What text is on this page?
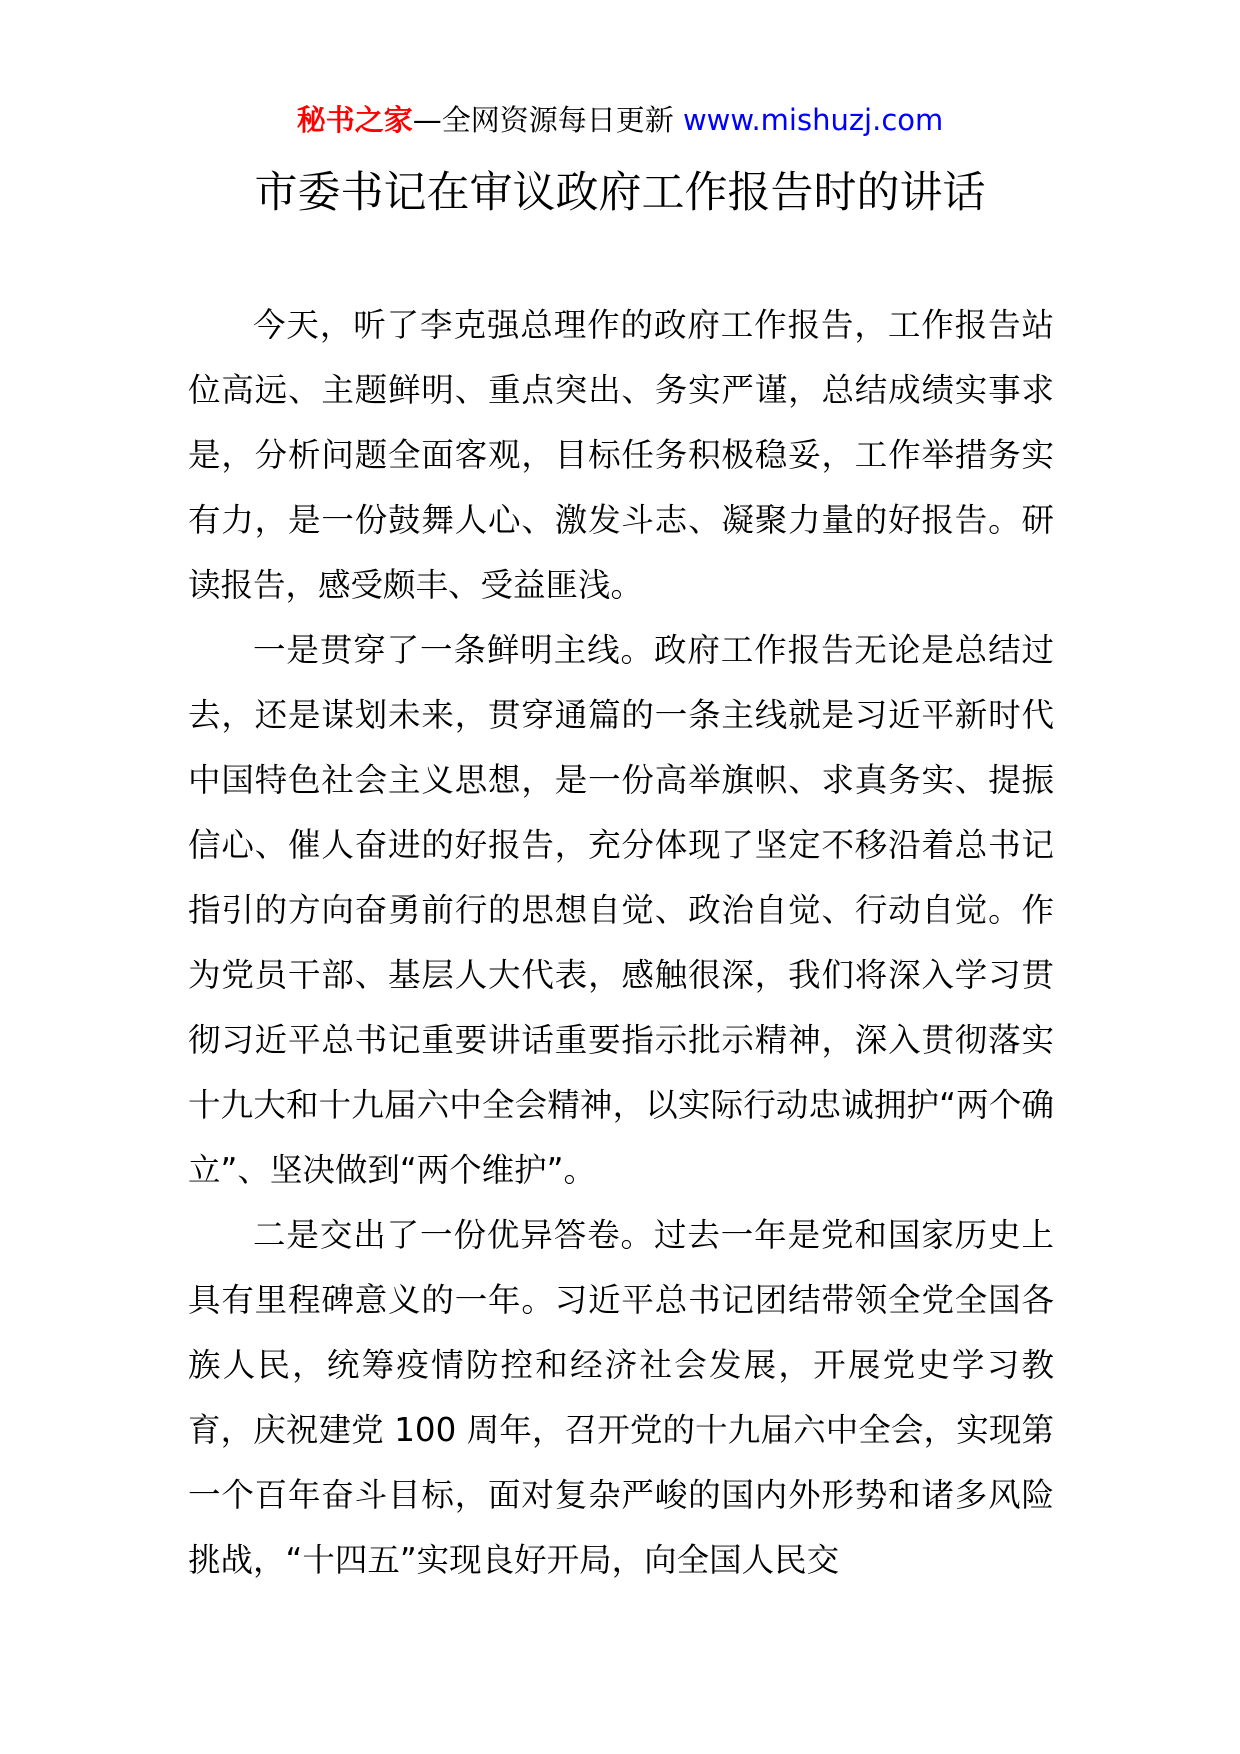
秘书之家—全网资源每日更新 www.mishuzj.com
市委书记在审议政府工作报告时的讲话

今天，听了李克强总理作的政府工作报告，工作报告站位高远、主题鲜明、重点突出、务实严谨，总结成绩实事求是，分析问题全面客观，目标任务积极稳妥，工作举措务实有力，是一份鼓舞人心、激发斗志、凝聚力量的好报告。研读报告，感受颇丰、受益匪浅。

一是贯穿了一条鲜明主线。政府工作报告无论是总结过去，还是谋划未来，贯穿通篇的一条主线就是习近平新时代中国特色社会主义思想，是一份高举旗帜、求真务实、提振信心、催人奋进的好报告，充分体现了坚定不移沿着总书记指引的方向奋勇前行的思想自觉、政治自觉、行动自觉。作为党员干部、基层人大代表，感触很深，我们将深入学习贯彻习近平总书记重要讲话重要指示批示精神，深入贯彻落实十九大和十九届六中全会精神，以实际行动忠诚拥护“两个确立”、坚决做到“两个维护”。

二是交出了一份优异答卷。过去一年是党和国家历史上具有里程碑意义的一年。习近平总书记团结带领全党全国各族人民，统筹疫情防控和经济社会发展，开展党史学习教育，庆祝建党 100 周年，召开党的十九届六中全会，实现第一个百年奋斗目标，面对复杂严峻的国内外形势和诸多风险挑战，“十四五”实现良好开局，向全国人民交
